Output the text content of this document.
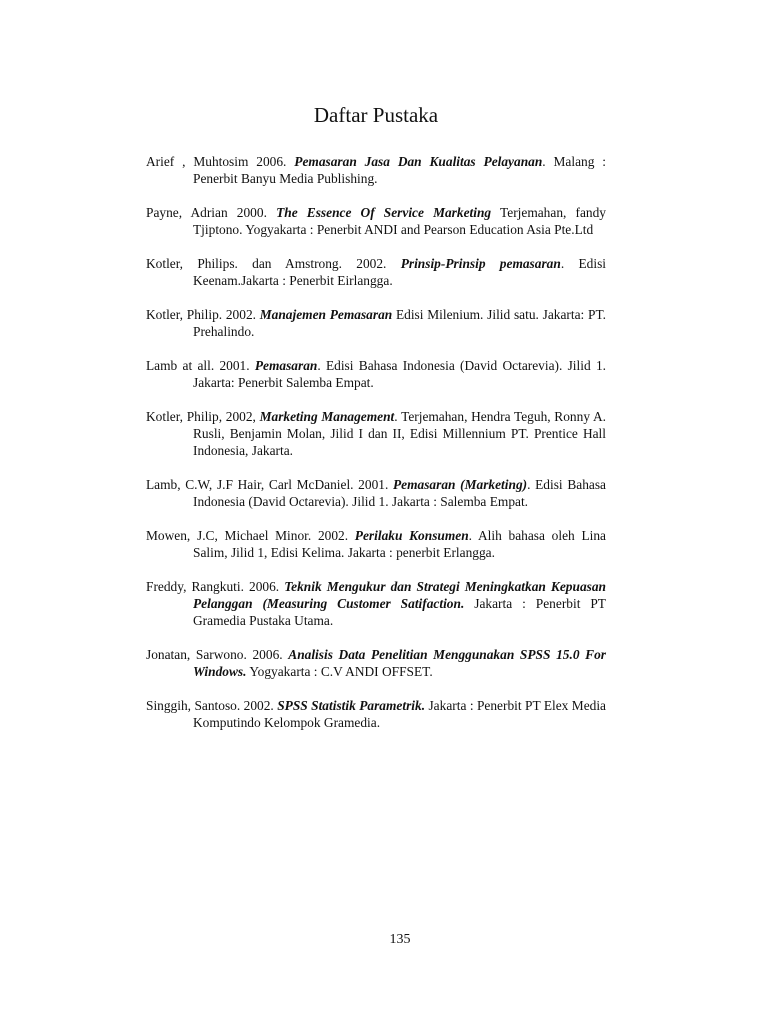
Daftar Pustaka
Arief , Muhtosim 2006. Pemasaran Jasa Dan Kualitas Pelayanan. Malang : Penerbit Banyu Media Publishing.
Payne, Adrian 2000. The Essence Of Service Marketing Terjemahan, fandy Tjiptono. Yogyakarta : Penerbit ANDI and Pearson Education Asia Pte.Ltd
Kotler, Philips. dan Amstrong. 2002. Prinsip-Prinsip pemasaran. Edisi Keenam.Jakarta : Penerbit Eirlangga.
Kotler, Philip. 2002. Manajemen Pemasaran Edisi Milenium. Jilid satu. Jakarta: PT. Prehalindo.
Lamb at all. 2001. Pemasaran. Edisi Bahasa Indonesia (David Octarevia). Jilid 1. Jakarta: Penerbit Salemba Empat.
Kotler, Philip, 2002, Marketing Management. Terjemahan, Hendra Teguh, Ronny A. Rusli, Benjamin Molan, Jilid I dan II, Edisi Millennium PT. Prentice Hall Indonesia, Jakarta.
Lamb, C.W, J.F Hair, Carl McDaniel. 2001. Pemasaran (Marketing). Edisi Bahasa Indonesia (David Octarevia). Jilid 1. Jakarta : Salemba Empat.
Mowen, J.C, Michael Minor. 2002. Perilaku Konsumen. Alih bahasa oleh Lina Salim, Jilid 1, Edisi Kelima. Jakarta : penerbit Erlangga.
Freddy, Rangkuti. 2006. Teknik Mengukur dan Strategi Meningkatkan Kepuasan Pelanggan (Measuring Customer Satifaction. Jakarta : Penerbit PT Gramedia Pustaka Utama.
Jonatan, Sarwono. 2006. Analisis Data Penelitian Menggunakan SPSS 15.0 For Windows. Yogyakarta : C.V ANDI OFFSET.
Singgih, Santoso. 2002. SPSS Statistik Parametrik. Jakarta : Penerbit PT Elex Media Komputindo Kelompok Gramedia.
135
